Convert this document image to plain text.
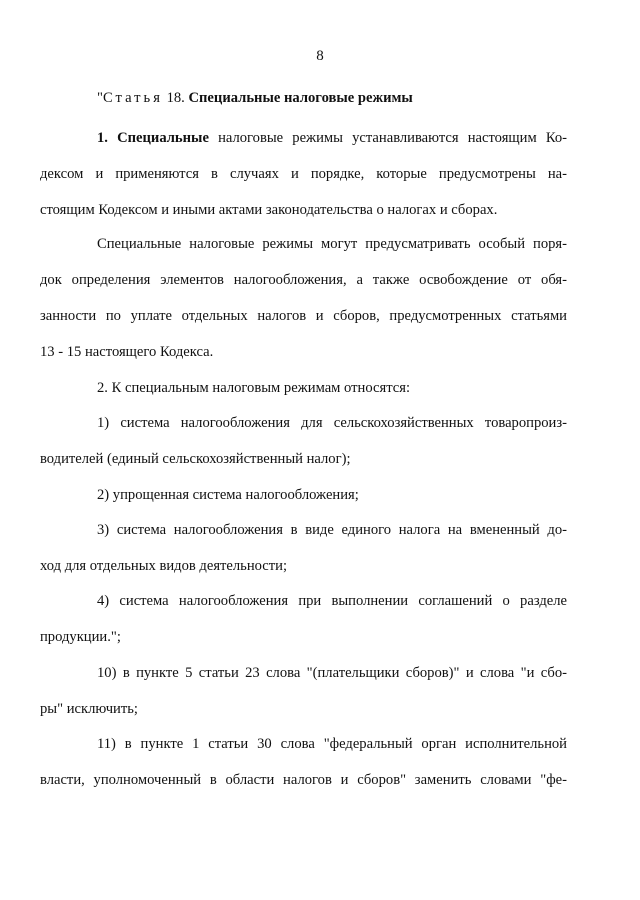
8
"Статья 18. Специальные налоговые режимы
1. Специальные налоговые режимы устанавливаются настоящим Ко-
дексом и применяются в случаях и порядке, которые предусмотрены на-
стоящим Кодексом и иными актами законодательства о налогах и сборах.
Специальные налоговые режимы могут предусматривать особый поря-
док определения элементов налогообложения, а также освобождение от обя-
занности по уплате отдельных налогов и сборов, предусмотренных статьями
13 - 15 настоящего Кодекса.
2. К специальным налоговым режимам относятся:
1) система налогообложения для сельскохозяйственных товаропроиз-
водителей (единый сельскохозяйственный налог);
2) упрощенная система налогообложения;
3) система налогообложения в виде единого налога на вмененный до-
ход для отдельных видов деятельности;
4) система налогообложения при выполнении соглашений о разделе
продукции.";
10) в пункте 5 статьи 23 слова "(плательщики сборов)" и слова "и сбо-
ры" исключить;
11) в пункте 1 статьи 30 слова "федеральный орган исполнительной
власти, уполномоченный в области налогов и сборов" заменить словами "фе-
